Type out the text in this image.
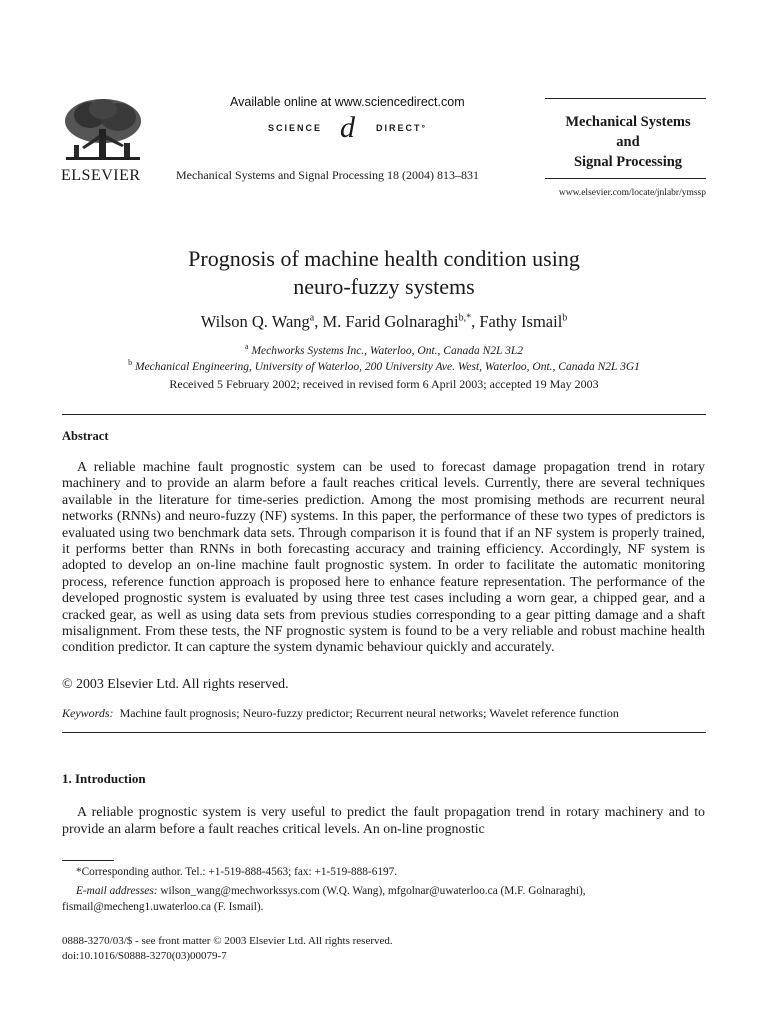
ELSEVIER
Available online at www.sciencedirect.com
SCIENCE d DIRECT°
Mechanical Systems and Signal Processing 18 (2004) 813–831
Mechanical Systems
and
Signal Processing
www.elsevier.com/locate/jnlabr/ymssp
Prognosis of machine health condition using
neuro-fuzzy systems
Wilson Q. Wang$^a$, M. Farid Golnaraghi$^{b,*}$, Fathy Ismail$^b$
$^a$ Mechworks Systems Inc., Waterloo, Ont., Canada N2L 3L2
$^b$ Mechanical Engineering, University of Waterloo, 200 University Ave. West, Waterloo, Ont., Canada N2L 3G1
Received 5 February 2002; received in revised form 6 April 2003; accepted 19 May 2003
Abstract

A reliable machine fault prognostic system can be used to forecast damage propagation trend in rotary machinery and to provide an alarm before a fault reaches critical levels. Currently, there are several techniques available in the literature for time-series prediction. Among the most promising methods are recurrent neural networks (RNNs) and neuro-fuzzy (NF) systems. In this paper, the performance of these two types of predictors is evaluated using two benchmark data sets. Through comparison it is found that if an NF system is properly trained, it performs better than RNNs in both forecasting accuracy and training efficiency. Accordingly, NF system is adopted to develop an on-line machine fault prognostic system. In order to facilitate the automatic monitoring process, reference function approach is proposed here to enhance feature representation. The performance of the developed prognostic system is evaluated by using three test cases including a worn gear, a chipped gear, and a cracked gear, as well as using data sets from previous studies corresponding to a gear pitting damage and a shaft misalignment. From these tests, the NF prognostic system is found to be a very reliable and robust machine health condition predictor. It can capture the system dynamic behaviour quickly and accurately.

© 2003 Elsevier Ltd. All rights reserved.
Keywords: Machine fault prognosis; Neuro-fuzzy predictor; Recurrent neural networks; Wavelet reference function
1. Introduction

A reliable prognostic system is very useful to predict the fault propagation trend in rotary machinery and to provide an alarm before a fault reaches critical levels. An on-line prognostic

*Corresponding author. Tel.: +1-519-888-4563; fax: +1-519-888-6197.
E-mail addresses: wilson_wang@mechworkssys.com (W.Q. Wang), mfgolnar@uwaterloo.ca (M.F. Golnaraghi), fismail@mecheng1.uwaterloo.ca (F. Ismail).
0888-3270/03/$ - see front matter © 2003 Elsevier Ltd. All rights reserved.
doi:10.1016/S0888-3270(03)00079-7
